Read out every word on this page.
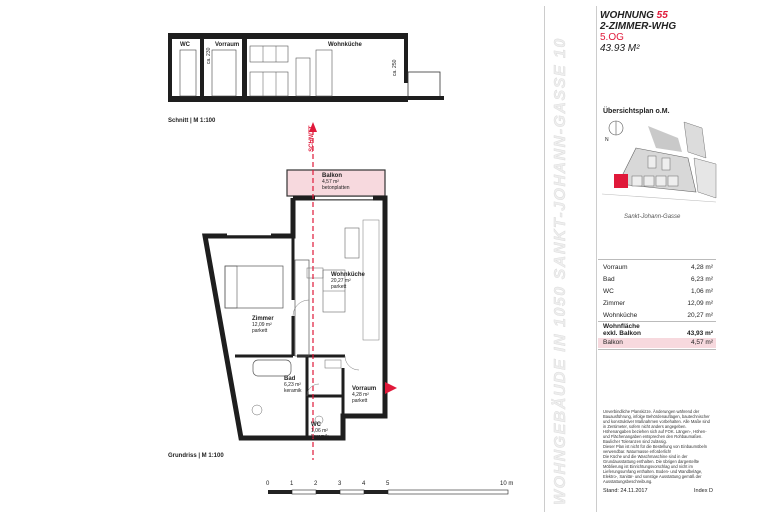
WC	Vorraum	Wohnküche
ca. 230
ca. 250
Schnitt | M 1:100
SCHNITT
Balkon
4,57 m²
betonplatten
Wohnküche
20,27 m²
parkett
Zimmer
12,09 m²
parkett
Bad
6,23 m²
keramik	Vorraum
4,28 m²
parkett
WC
1,06 m²
keramik
Grundriss | M 1:100
0	1	2	3	4	5	10 m WOHNGEBÄUDE IN 1050 SANKT-JOHANN-GASSE 10
WOHNUNG 55
2-ZIMMER-WHG
5.OG
43.93 M²
Übersichtsplan o.M.
N
Sankt-Johann-Gasse
Vorraum	4,28 m²
Bad	6,23 m²
WC	1,06 m²
Zimmer	12,09 m²
Wohnküche	20,27 m²
Wohnfläche
exkl. Balkon	43,93 m²
Balkon	4,57 m²
Unverbindliche Planskizze. Änderungen während der
Bauausführung, infolge Behördenauflagen, bautechnischer
und konstruktiver Maßnahmen vorbehalten. Alle Maße sind
in Zentimeter, sofern nicht anders angegeben.
Höhenangaben beziehen sich auf FOK. Längen-, Höhen-
und Flächenangaben entsprechen den Rohbaumaßen.
Baulicher Toleranzen sind zulässig.
Dieser Plan ist nicht für die Bestellung von Einbaumöbeln
verwendbar. Naturmasse erforderlich!
Die Küche und die Waschmaschine sind in der
Grundausstattung enthalten. Die übrigen dargestellte
Möblierung ist Einrichtungsvorschlag und nicht im
Lieferungsumfang enthalten. Boden- und Wandbeläge,
Elektro-, Sanitär- und sonstige Ausstattung gemäß der
Ausstattungsbeschreibung.
Stand: 24.11.2017	Index D
